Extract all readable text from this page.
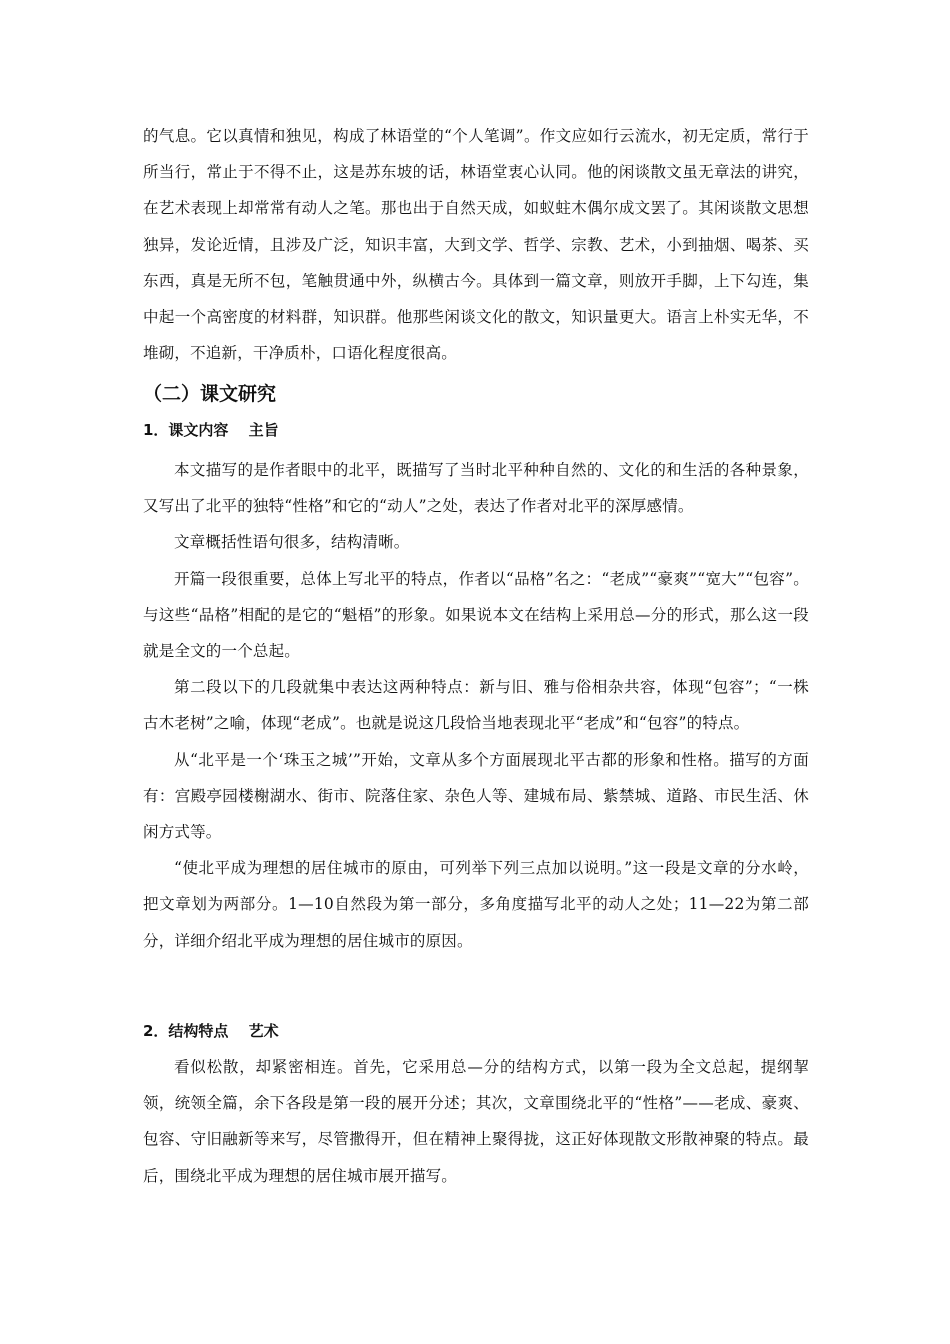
的气息。它以真情和独见，构成了林语堂的“个人笔调”。作文应如行云流水，初无定质，常行于所当行，常止于不得不止，这是苏东坡的话，林语堂衷心认同。他的闲谈散文虽无章法的讲究，在艺术表现上却常常有动人之笔。那也出于自然天成，如蚁蛀木偶尔成文罢了。其闲谈散文思想独异，发论近情，且涉及广泛，知识丰富，大到文学、哲学、宗教、艺术，小到抽烟、喝茶、买东西，真是无所不包，笔触贯通中外，纵横古今。具体到一篇文章，则放开手脚，上下勾连，集中起一个高密度的材料群，知识群。他那些闲谈文化的散文，知识量更大。语言上朴实无华，不堆砌，不追新，干净质朴，口语化程度很高。

（二）课文研究
1．课文内容　 主旨

本文描写的是作者眼中的北平，既描写了当时北平种种自然的、文化的和生活的各种景象，又写出了北平的独特“性格”和它的“动人”之处，表达了作者对北平的深厚感情。

文章概括性语句很多，结构清晰。

开篇一段很重要，总体上写北平的特点，作者以“品格”名之：“老成”“豪爽”“宽大”“包容”。与这些“品格”相配的是它的“魁梧”的形象。如果说本文在结构上采用总—分的形式，那么这一段就是全文的一个总起。

第二段以下的几段就集中表达这两种特点：新与旧、雅与俗相杂共容，体现“包容”；“一株古木老树”之喻，体现“老成”。也就是说这几段恰当地表现北平“老成”和“包容”的特点。

从“北平是一个‘珠玉之城’”开始，文章从多个方面展现北平古都的形象和性格。描写的方面有：宫殿亭园楼榭湖水、街市、院落住家、杂色人等、建城布局、紫禁城、道路、市民生活、休闲方式等。

“使北平成为理想的居住城市的原由，可列举下列三点加以说明。”这一段是文章的分水岭，把文章划为两部分。1—10自然段为第一部分，多角度描写北平的动人之处；11—22为第二部分，详细介绍北平成为理想的居住城市的原因。

2．结构特点　 艺术

看似松散，却紧密相连。首先，它采用总—分的结构方式，以第一段为全文总起，提纲挈领，统领全篇，余下各段是第一段的展开分述；其次，文章围绕北平的“性格”——老成、豪爽、包容、守旧融新等来写，尽管撒得开，但在精神上聚得拢，这正好体现散文形散神聚的特点。最后，围绕北平成为理想的居住城市展开描写。
